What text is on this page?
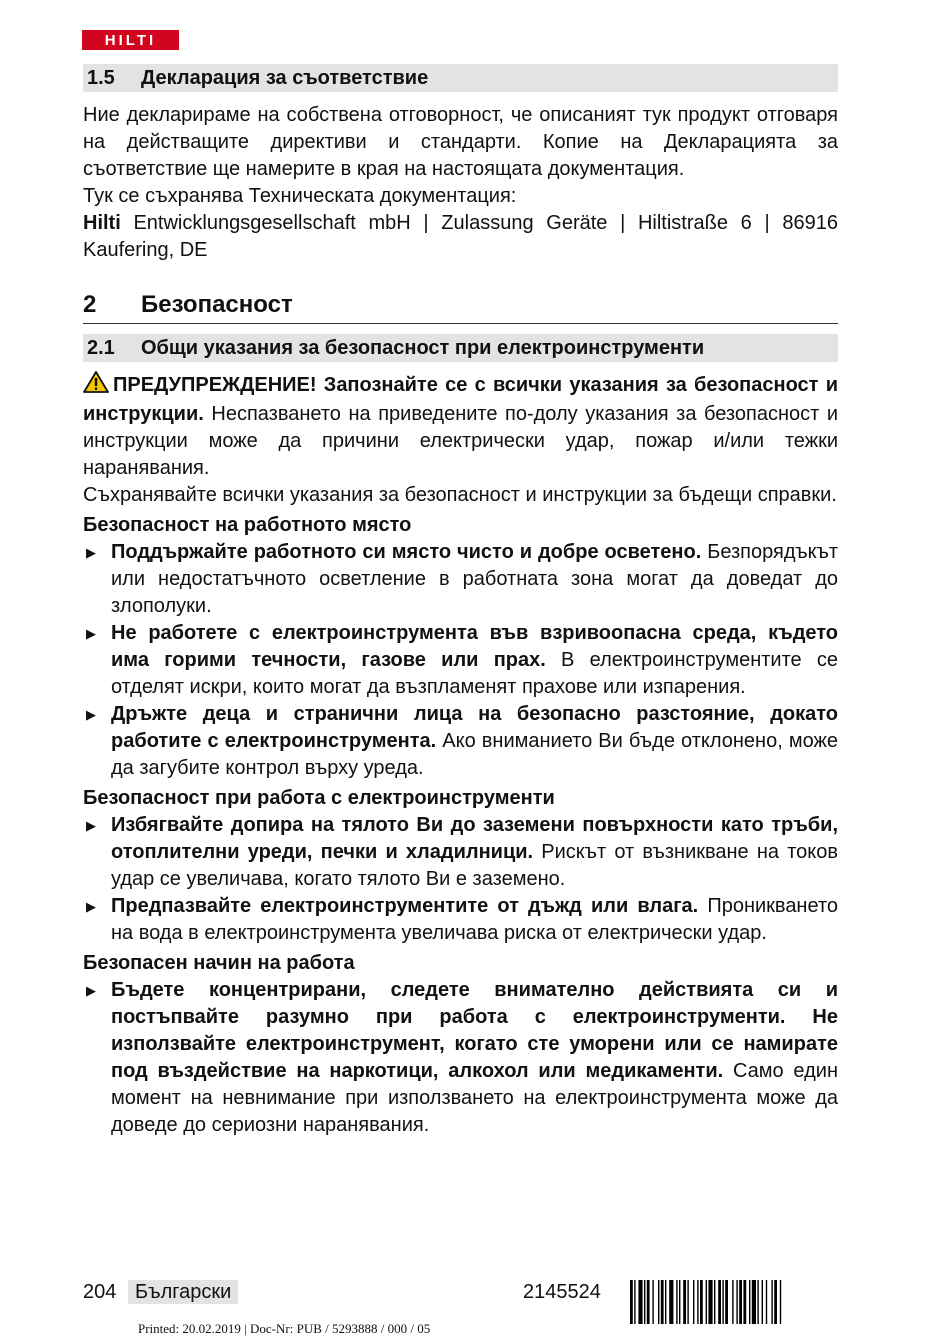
HILTI
1.5	Декларация за съответствие

Ние декларираме на собствена отговорност, че описаният тук продукт отговаря на действащите директиви и стандарти. Копие на Декларацията за съответствие ще намерите в края на настоящата документация.

Тук се съхранява Техническата документация:

Hilti Entwicklungsgesellschaft mbH | Zulassung Geräte | Hiltistraße 6 | 86916 Kaufering, DE

2	Безопасност
2.1	Общи указания за безопасност при електроинструменти

ПРЕДУПРЕЖДЕНИЕ! Запознайте се с всички указания за безопасност и инструкции. Неспазването на приведените по-долу указания за безопасност и инструкции може да причини електрически удар, пожар и/или тежки наранявания.

Съхранявайте всички указания за безопасност и инструкции за бъдещи справки.

Безопасност на работното място
▶ Поддържайте работното си място чисто и добре осветено. Безпорядъкът или недостатъчното осветление в работната зона могат да доведат до злополуки.

▶ Не работете с електроинструмента във взривоопасна среда, където има горими течности, газове или прах. В електроинструментите се отделят искри, които могат да възпламенят прахове или изпарения.

▶ Дръжте деца и странични лица на безопасно разстояние, докато работите с електроинструмента. Ако вниманието Ви бъде отклонено, може да загубите контрол върху уреда.

Безопасност при работа с електроинструменти
▶ Избягвайте допира на тялото Ви до заземени повърхности като тръби, отоплителни уреди, печки и хладилници. Рискът от възникване на токов удар се увеличава, когато тялото Ви е заземено.

▶ Предпазвайте електроинструментите от дъжд или влага. Проникването на вода в електроинструмента увеличава риска от електрически удар.

Безопасен начин на работа
▶ Бъдете концентрирани, следете внимателно действията си и постъпвайте разумно при работа с електроинструменти. Не използвайте електроинструмент, когато сте уморени или се намирате под въздействие на наркотици, алкохол или медикаменти. Само един момент на невнимание при използването на електроинструмента може да доведе до сериозни наранявания.

204 Български	2145524
Printed: 20.02.2019 | Doc-Nr: PUB / 5293888 / 000 / 05
